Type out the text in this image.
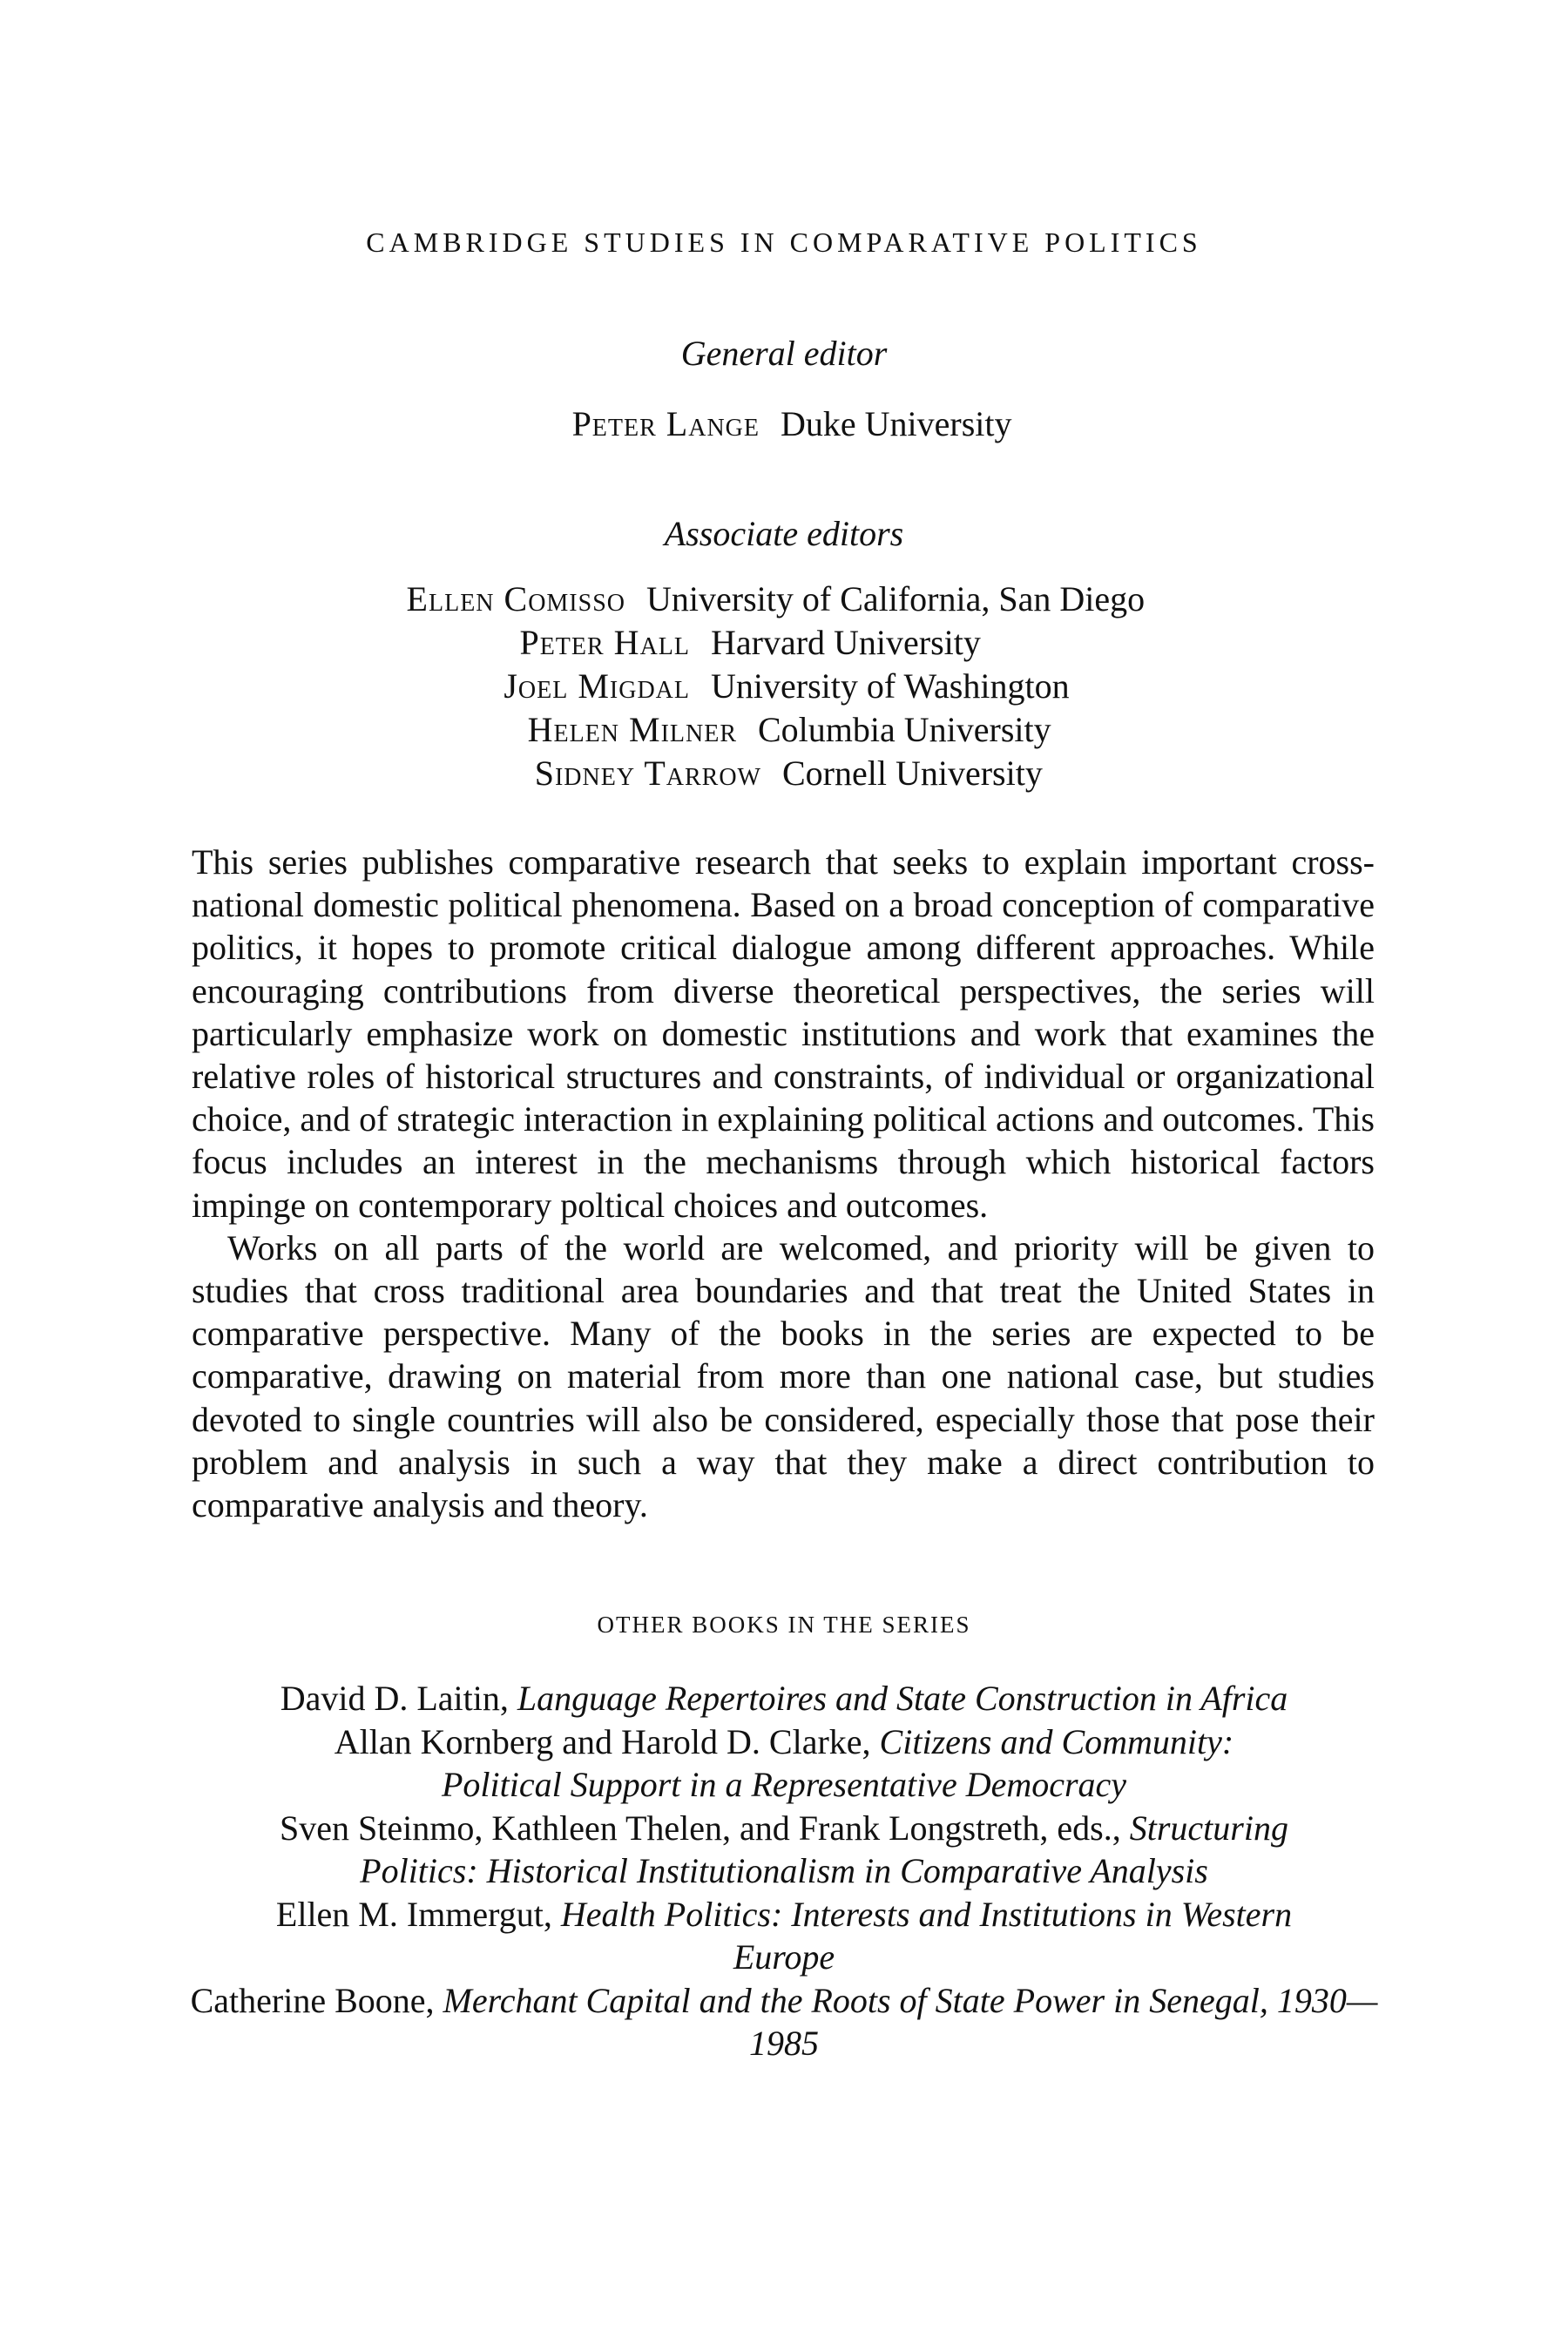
CAMBRIDGE STUDIES IN COMPARATIVE POLITICS
General editor
Peter Lange Duke University
Associate editors
Ellen Comisso University of California, San Diego
Peter Hall Harvard University
Joel Migdal University of Washington
Helen Milner Columbia University
Sidney Tarrow Cornell University

This series publishes comparative research that seeks to explain important cross-national domestic political phenomena. Based on a broad conception of comparative politics, it hopes to promote critical dialogue among different approaches. While encouraging contributions from diverse theoretical perspectives, the series will particularly emphasize work on domestic institutions and work that examines the relative roles of historical structures and constraints, of individual or organizational choice, and of strategic interaction in explaining political actions and outcomes. This focus includes an interest in the mechanisms through which historical factors impinge on contemporary poltical choices and outcomes.

Works on all parts of the world are welcomed, and priority will be given to studies that cross traditional area boundaries and that treat the United States in comparative perspective. Many of the books in the series are expected to be comparative, drawing on material from more than one national case, but studies devoted to single countries will also be considered, especially those that pose their problem and analysis in such a way that they make a direct contribution to comparative analysis and theory.

OTHER BOOKS IN THE SERIES
David D. Laitin, Language Repertoires and State Construction in Africa
Allan Kornberg and Harold D. Clarke, Citizens and Community: Political Support in a Representative Democracy
Sven Steinmo, Kathleen Thelen, and Frank Longstreth, eds., Structuring Politics: Historical Institutionalism in Comparative Analysis
Ellen M. Immergut, Health Politics: Interests and Institutions in Western Europe
Catherine Boone, Merchant Capital and the Roots of State Power in Senegal, 1930—1985
